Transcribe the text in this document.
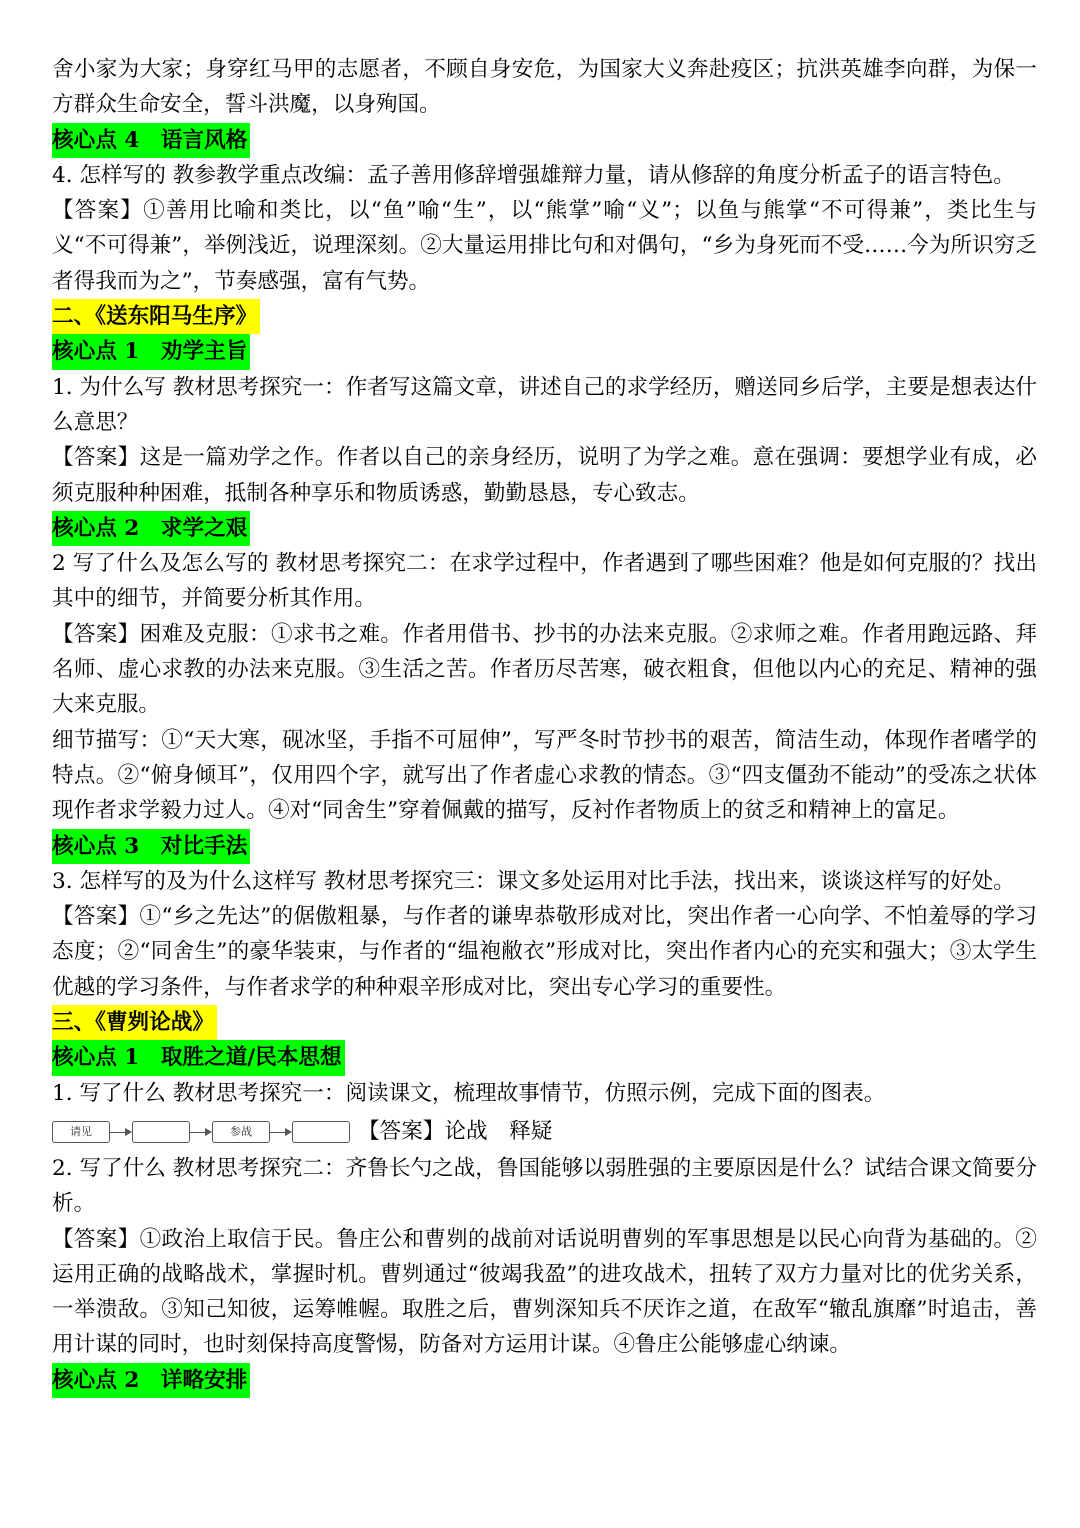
舍小家为大家；身穿红马甲的志愿者，不顾自身安危，为国家大义奔赴疫区；抗洪英雄李向群，为保一方群众生命安全，誓斗洪魔，以身殉国。

核心点 4　语言风格

4. 怎样写的 教参教学重点改编：孟子善用修辞增强雄辩力量，请从修辞的角度分析孟子的语言特色。

【答案】①善用比喻和类比，以“鱼”喻“生”，以“熊掌”喻“义”；以鱼与熊掌“不可得兼”，类比生与义“不可得兼”，举例浅近，说理深刻。②大量运用排比句和对偶句，“乡为身死而不受……今为所识穷乏者得我而为之”，节奏感强，富有气势。

二、《送东阳马生序》

核心点 1　劝学主旨

1. 为什么写 教材思考探究一：作者写这篇文章，讲述自己的求学经历，赠送同乡后学，主要是想表达什么意思？

【答案】这是一篇劝学之作。作者以自己的亲身经历，说明了为学之难。意在强调：要想学业有成，必须克服种种困难，抵制各种享乐和物质诱惑，勤勤恳恳，专心致志。

核心点 2　求学之艰

2 写了什么及怎么写的 教材思考探究二：在求学过程中，作者遇到了哪些困难？他是如何克服的？找出其中的细节，并简要分析其作用。

【答案】困难及克服：①求书之难。作者用借书、抄书的办法来克服。②求师之难。作者用跑远路、拜名师、虚心求教的办法来克服。③生活之苦。作者历尽苦寒，破衣粗食，但他以内心的充足、精神的强大来克服。

细节描写：①“天大寒，砚冰坚，手指不可屈伸”，写严冬时节抄书的艰苦，简洁生动，体现作者嗜学的特点。②“俯身倾耳”，仅用四个字，就写出了作者虚心求教的情态。③“四支僵劲不能动”的受冻之状体现作者求学毅力过人。④对“同舍生”穿着佩戴的描写，反衬作者物质上的贫乏和精神上的富足。

核心点 3　对比手法

3. 怎样写的及为什么这样写 教材思考探究三：课文多处运用对比手法，找出来，谈谈这样写的好处。

【答案】①“乡之先达”的倨傲粗暴，与作者的谦卑恭敬形成对比，突出作者一心向学、不怕羞辱的学习态度；②“同舍生”的豪华装束，与作者的“缊袍敝衣”形成对比，突出作者内心的充实和强大；③太学生优越的学习条件，与作者求学的种种艰辛形成对比，突出专心学习的重要性。

三、《曹刿论战》

核心点 1　取胜之道/民本思想

1. 写了什么 教材思考探究一：阅读课文，梳理故事情节，仿照示例，完成下面的图表。

请见	参战	【答案】论战　释疑

2. 写了什么 教材思考探究二：齐鲁长勺之战，鲁国能够以弱胜强的主要原因是什么？试结合课文简要分析。

【答案】①政治上取信于民。鲁庄公和曹刿的战前对话说明曹刿的军事思想是以民心向背为基础的。②运用正确的战略战术，掌握时机。曹刿通过“彼竭我盈”的进攻战术，扭转了双方力量对比的优劣关系，一举溃敌。③知己知彼，运筹帷幄。取胜之后，曹刿深知兵不厌诈之道，在敌军“辙乱旗靡”时追击，善用计谋的同时，也时刻保持高度警惕，防备对方运用计谋。④鲁庄公能够虚心纳谏。

核心点 2　详略安排
